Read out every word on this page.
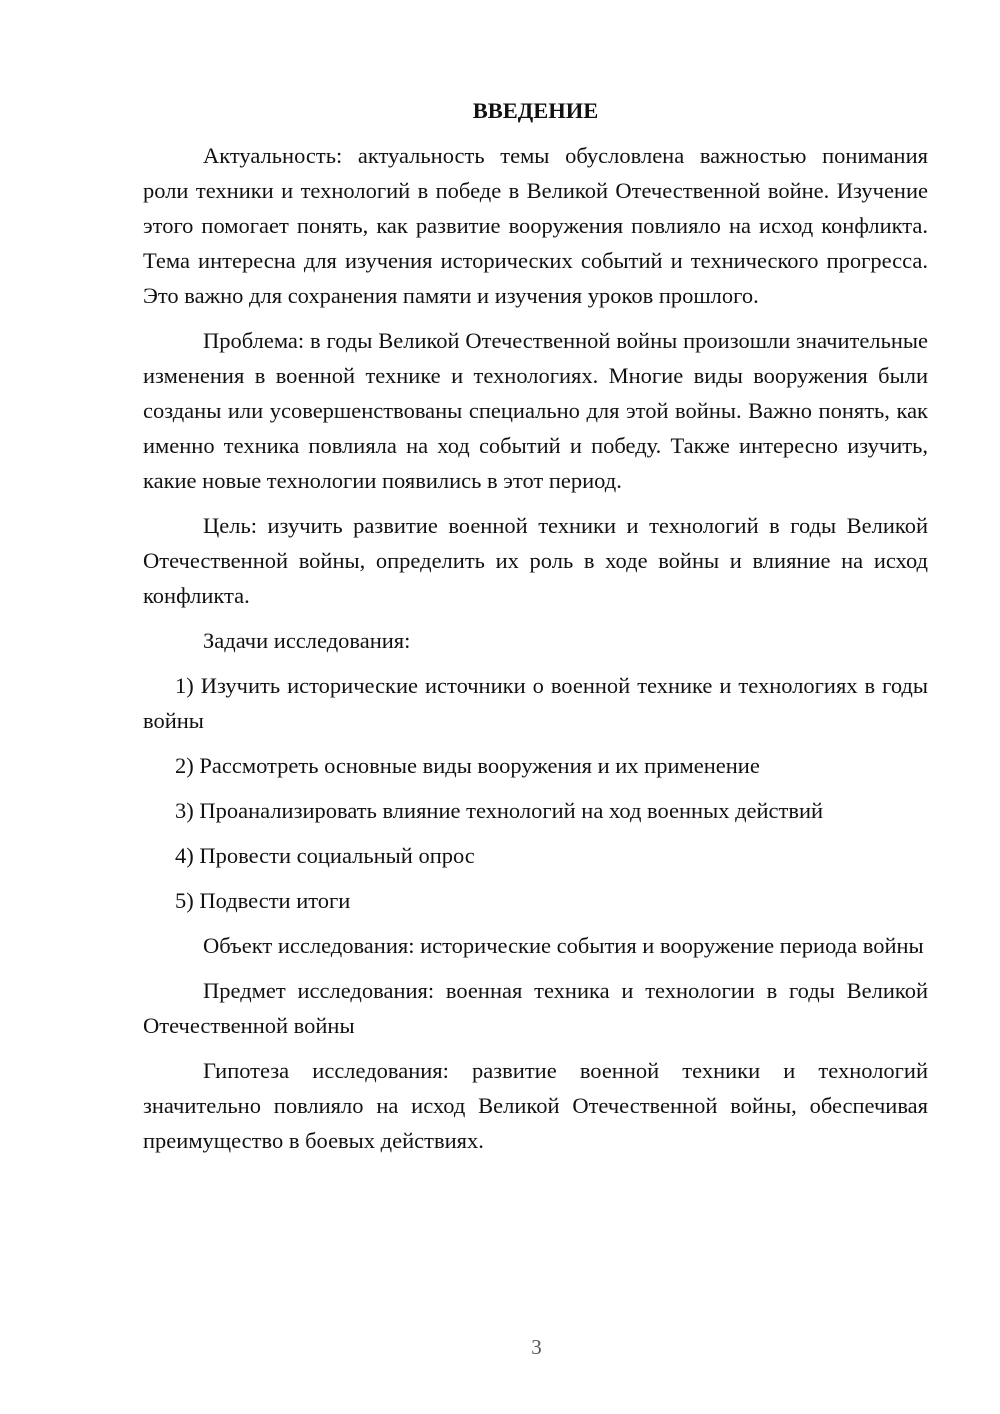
ВВЕДЕНИЕ

Актуальность: актуальность темы обусловлена важностью понимания роли техники и технологий в победе в Великой Отечественной войне. Изучение этого помогает понять, как развитие вооружения повлияло на исход конфликта. Тема интересна для изучения исторических событий и технического прогресса. Это важно для сохранения памяти и изучения уроков прошлого.

Проблема: в годы Великой Отечественной войны произошли значительные изменения в военной технике и технологиях. Многие виды вооружения были созданы или усовершенствованы специально для этой войны. Важно понять, как именно техника повлияла на ход событий и победу. Также интересно изучить, какие новые технологии появились в этот период.

Цель: изучить развитие военной техники и технологий в годы Великой Отечественной войны, определить их роль в ходе войны и влияние на исход конфликта.

Задачи исследования:

1) Изучить исторические источники о военной технике и технологиях в годы войны

2) Рассмотреть основные виды вооружения и их применение

3) Проанализировать влияние технологий на ход военных действий

4) Провести социальный опрос

5) Подвести итоги

Объект исследования: исторические события и вооружение периода войны

Предмет исследования: военная техника и технологии в годы Великой Отечественной войны

Гипотеза исследования: развитие военной техники и технологий значительно повлияло на исход Великой Отечественной войны, обеспечивая преимущество в боевых действиях.

3
